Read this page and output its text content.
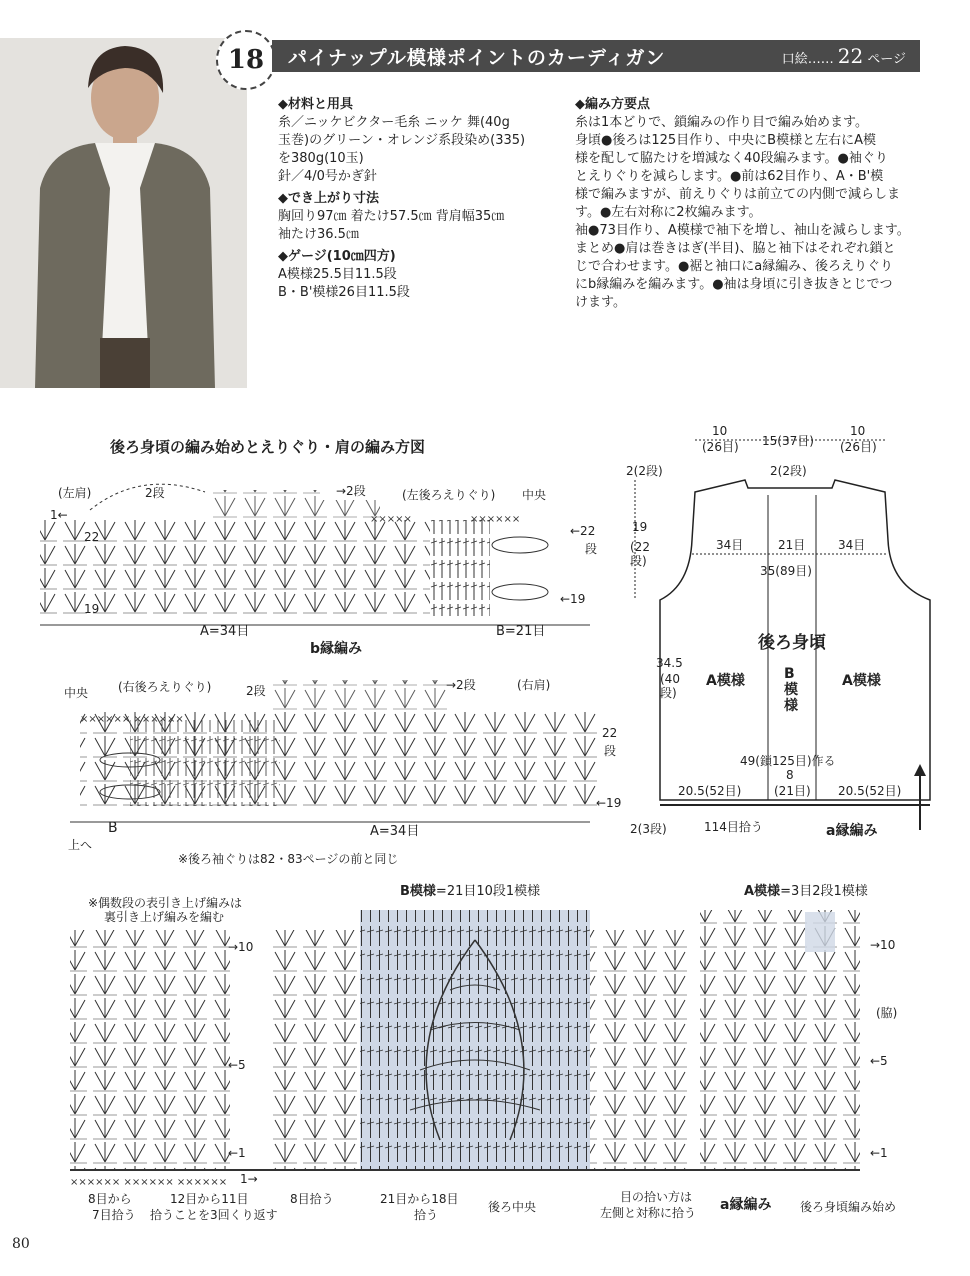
18 パイナップル模様ポイントのカーディガン	口絵…… 22 ページ
◆材料と用具
糸／ニッケビクター毛糸 ニッケ 舞(40g
玉巻)のグリーン・オレンジ系段染め(335)
を380g(10玉)
針／4/0号かぎ針
◆でき上がり寸法
胸回り97㎝ 着たけ57.5㎝ 背肩幅35㎝
袖たけ36.5㎝
◆ゲージ(10㎝四方)
A模様25.5目11.5段
B・B'模様26目11.5段
◆編み方要点
糸は1本どりで、鎖編みの作り目で編み始めます。
身頃●後ろは125目作り、中央にB模様と左右にA模
様を配して脇たけを増減なく40段編みます。●袖ぐり
とえりぐりを減らします。●前は62目作り、A・B'模
様で編みますが、前えりぐりは前立ての内側で減らしま
す。●左右対称に2枚編みます。
袖●73目作り、A模様で袖下を増し、袖山を減らします。
まとめ●肩は巻きはぎ(半目)、脇と袖下はそれぞれ鎖と
じで合わせます。●裾と袖口にa縁編み、後ろえりぐり
にb縁編みを編みます。●袖は身頃に引き抜きとじでつ
けます。
後ろ身頃の編み始めとえりぐり・肩の編み方図
×××××	××××××
×××××× ××××××
(左肩)	2段	→2段	(左後ろえりぐり) 中央
1←
22	←22
段
19
←19
A=34目	B=21目
b縁編み
中央 (右後ろえりぐり)	2段	→2段	(右肩)
22
段
←19
B	A=34目
上へ
※後ろ袖ぐりは82・83ページの前と同じ
10
(26目) 15(37目)
10
(26目)
2(2段)	2(2段)
19
(22段)
34目	21目	34目
35(89目)
後ろ身頃
34.5
(40段)
A模様	B模様
A模様
49(鎖125目)作る
8
(21目)
20.5(52目)	20.5(52目)
2(3段)	114目拾う	a縁編み
※偶数段の表引き上げ編みは
裏引き上げ編みを編む
B模様=21目10段1模様	A模様=3目2段1模様
×××××× ×××××× ××××××
→10
←5
←1
→10
(脇)
←5
←1
1→
8目から
7目拾う
12目から11目
拾うことを3回くり返す
8目拾う	21目から18目
拾う
後ろ中央
目の拾い方は
左側と対称に拾う a縁編み 後ろ身頃編み始め
80
